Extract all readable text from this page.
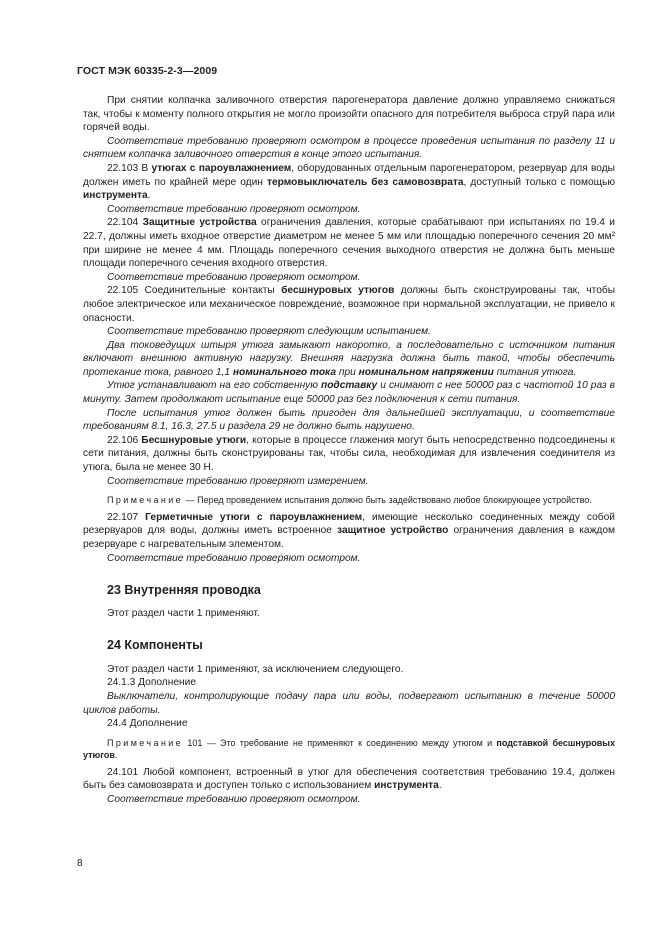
ГОСТ МЭК 60335-2-3—2009

При снятии колпачка заливочного отверстия парогенератора давление должно управляемо снижаться так, чтобы к моменту полного открытия не могло произойти опасного для потребителя выброса струй пара или горячей воды.

Соответствие требованию проверяют осмотром в процессе проведения испытания по разделу 11 и снятием колпачка заливочного отверстия в конце этого испытания.

22.103 В утюгах с пароувлажнением, оборудованных отдельным парогенератором, резервуар для воды должен иметь по крайней мере один термовыключатель без самовозврата, доступный только с помощью инструмента.

Соответствие требованию проверяют осмотром.

22.104 Защитные устройства ограничения давления, которые срабатывают при испытаниях по 19.4 и 22.7, должны иметь входное отверстие диаметром не менее 5 мм или площадью поперечного сечения 20 мм² при ширине не менее 4 мм. Площадь поперечного сечения выходного отверстия не должна быть меньше площади поперечного сечения входного отверстия.

Соответствие требованию проверяют осмотром.

22.105 Соединительные контакты бесшнуровых утюгов должны быть сконструированы так, чтобы любое электрическое или механическое повреждение, возможное при нормальной эксплуатации, не привело к опасности.

Соответствие требованию проверяют следующим испытанием.

Два токоведущих штыря утюга замыкают накоротко, а последовательно с источником питания включают внешнюю активную нагрузку. Внешняя нагрузка должна быть такой, чтобы обеспечить протекание тока, равного 1,1 номинального тока при номинальном напряжении питания утюга.

Утюг устанавливают на его собственную подставку и снимают с нее 50000 раз с частотой 10 раз в минуту. Затем продолжают испытание еще 50000 раз без подключения к сети питания.

После испытания утюг должен быть пригоден для дальнейшей эксплуатации, и соответствие требованиям 8.1, 16.3, 27.5 и раздела 29 не должно быть нарушено.

22.106 Бесшнуровые утюги, которые в процессе глажения могут быть непосредственно подсоединены к сети питания, должны быть сконструированы так, чтобы сила, необходимая для извлечения соединителя из утюга, была не менее 30 Н.

Соответствие требованию проверяют измерением.

Примечание — Перед проведением испытания должно быть задействовано любое блокирующее устройство.

22.107 Герметичные утюги с пароувлажнением, имеющие несколько соединенных между собой резервуаров для воды, должны иметь встроенное защитное устройство ограничения давления в каждом резервуаре с нагревательным элементом.

Соответствие требованию проверяют осмотром.

23 Внутренняя проводка

Этот раздел части 1 применяют.

24 Компоненты

Этот раздел части 1 применяют, за исключением следующего.

24.1.3 Дополнение

Выключатели, контролирующие подачу пара или воды, подвергают испытанию в течение 50000 циклов работы.

24.4 Дополнение

Примечание 101 — Это требование не применяют к соединению между утюгом и подставкой бесшнуровых утюгов.

24.101 Любой компонент, встроенный в утюг для обеспечения соответствия требованию 19.4, должен быть без самовозврата и доступен только с использованием инструмента.

Соответствие требованию проверяют осмотром.

8
